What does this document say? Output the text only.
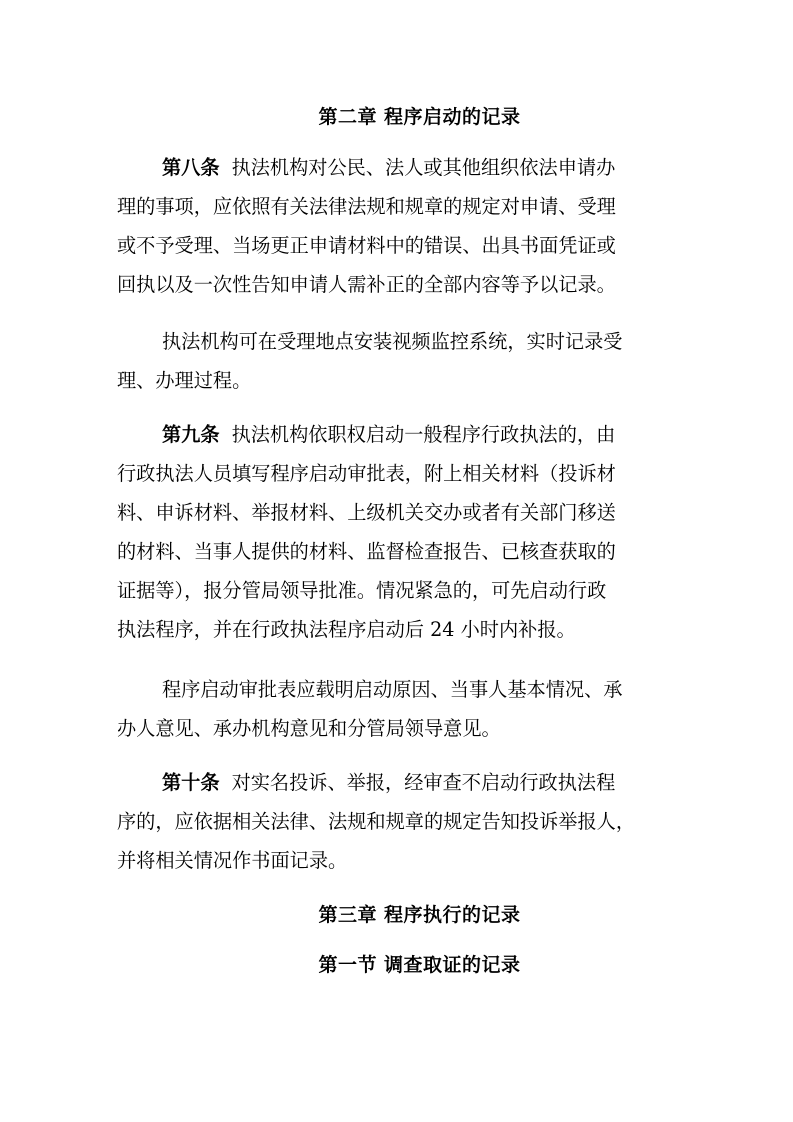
第二章 程序启动的记录
第八条 执法机构对公民、法人或其他组织依法申请办
理的事项，应依照有关法律法规和规章的规定对申请、受理
或不予受理、当场更正申请材料中的错误、出具书面凭证或
回执以及一次性告知申请人需补正的全部内容等予以记录。
执法机构可在受理地点安装视频监控系统，实时记录受
理、办理过程。
第九条 执法机构依职权启动一般程序行政执法的，由
行政执法人员填写程序启动审批表，附上相关材料（投诉材
料、申诉材料、举报材料、上级机关交办或者有关部门移送
的材料、当事人提供的材料、监督检查报告、已核查获取的
证据等），报分管局领导批准。情况紧急的，可先启动行政
执法程序，并在行政执法程序启动后 24 小时内补报。
程序启动审批表应载明启动原因、当事人基本情况、承
办人意见、承办机构意见和分管局领导意见。
第十条 对实名投诉、举报，经审查不启动行政执法程
序的，应依据相关法律、法规和规章的规定告知投诉举报人，
并将相关情况作书面记录。
第三章 程序执行的记录
第一节 调查取证的记录
